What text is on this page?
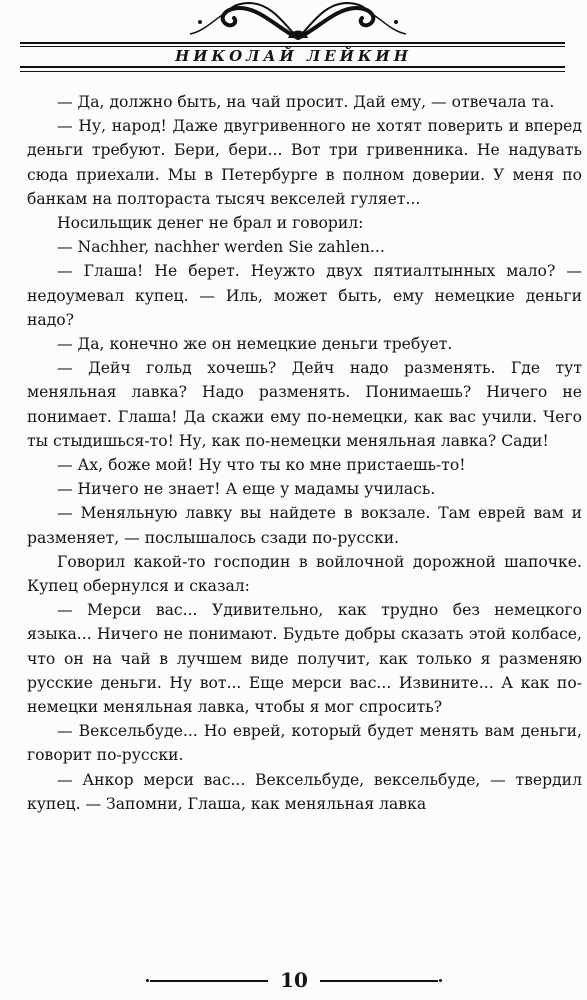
НИКОЛАЙ ЛЕЙКИН

— Да, должно быть, на чай просит. Дай ему, — отвечала та.

— Ну, народ! Даже двугривенного не хотят поверить и вперед деньги требуют. Бери, бери... Вот три гривенника. Не надувать сюда приехали. Мы в Петербурге в полном доверии. У меня по банкам на полтораста тысяч векселей гуляет...

Носильщик денег не брал и говорил:

— Nachher, nachher werden Sie zahlen...

— Глаша! Не берет. Неужто двух пятиалтынных мало? — недоумевал купец. — Иль, может быть, ему немецкие деньги надо?

— Да, конечно же он немецкие деньги требует.

— Дейч гольд хочешь? Дейч надо разменять. Где тут меняльная лавка? Надо разменять. Понимаешь? Ничего не понимает. Глаша! Да скажи ему по-немецки, как вас учили. Чего ты стыдишься-то! Ну, как по-немецки меняльная лавка? Сади!

— Ах, боже мой! Ну что ты ко мне пристаешь-то!

— Ничего не знает! А еще у мадамы училась.

— Меняльную лавку вы найдете в вокзале. Там еврей вам и разменяет, — послышалось сзади по-русски.

Говорил какой-то господин в войлочной дорожной шапочке. Купец обернулся и сказал:

— Мерси вас... Удивительно, как трудно без немецкого языка... Ничего не понимают. Будьте добры сказать этой колбасе, что он на чай в лучшем виде получит, как только я разменяю русские деньги. Ну вот... Еще мерси вас... Извините... А как по-немецки меняльная лавка, чтобы я мог спросить?

— Вексельбуде... Но еврей, который будет менять вам деньги, говорит по-русски.

— Анкор мерси вас... Вексельбуде, вексельбуде, — твердил купец. — Запомни, Глаша, как меняльная лавка

10
